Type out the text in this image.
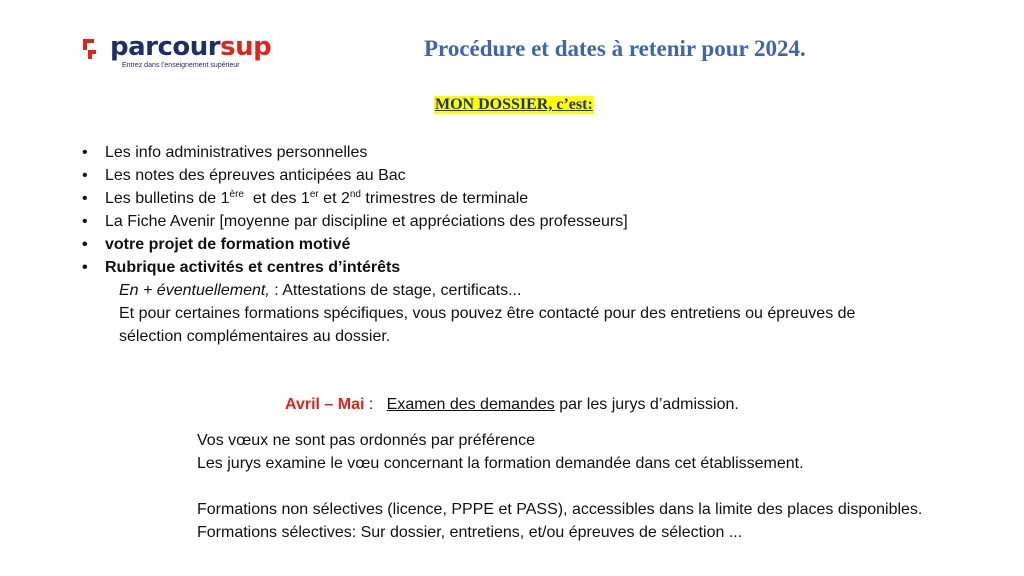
parcoursup
Entrez dans l’enseignement supérieur
Procédure et dates à retenir pour 2024.
MON DOSSIER, c’est:
• Les info administratives personnelles
• Les notes des épreuves anticipées au Bac
• Les bulletins de 1ère  et des 1er et 2nd trimestres de terminale
• La Fiche Avenir [moyenne par discipline et appréciations des professeurs]
• votre projet de formation motivé
• Rubrique activités et centres d’intérêts
En + éventuellement, : Attestations de stage, certificats...
Et pour certaines formations spécifiques, vous pouvez être contacté pour des entretiens ou épreuves de
sélection complémentaires au dossier.
Avril – Mai :   Examen des demandes par les jurys d’admission.
Vos vœux ne sont pas ordonnés par préférence
Les jurys examine le vœu concernant la formation demandée dans cet établissement.

Formations non sélectives (licence, PPPE et PASS), accessibles dans la limite des places disponibles.
Formations sélectives: Sur dossier, entretiens, et/ou épreuves de sélection ...
